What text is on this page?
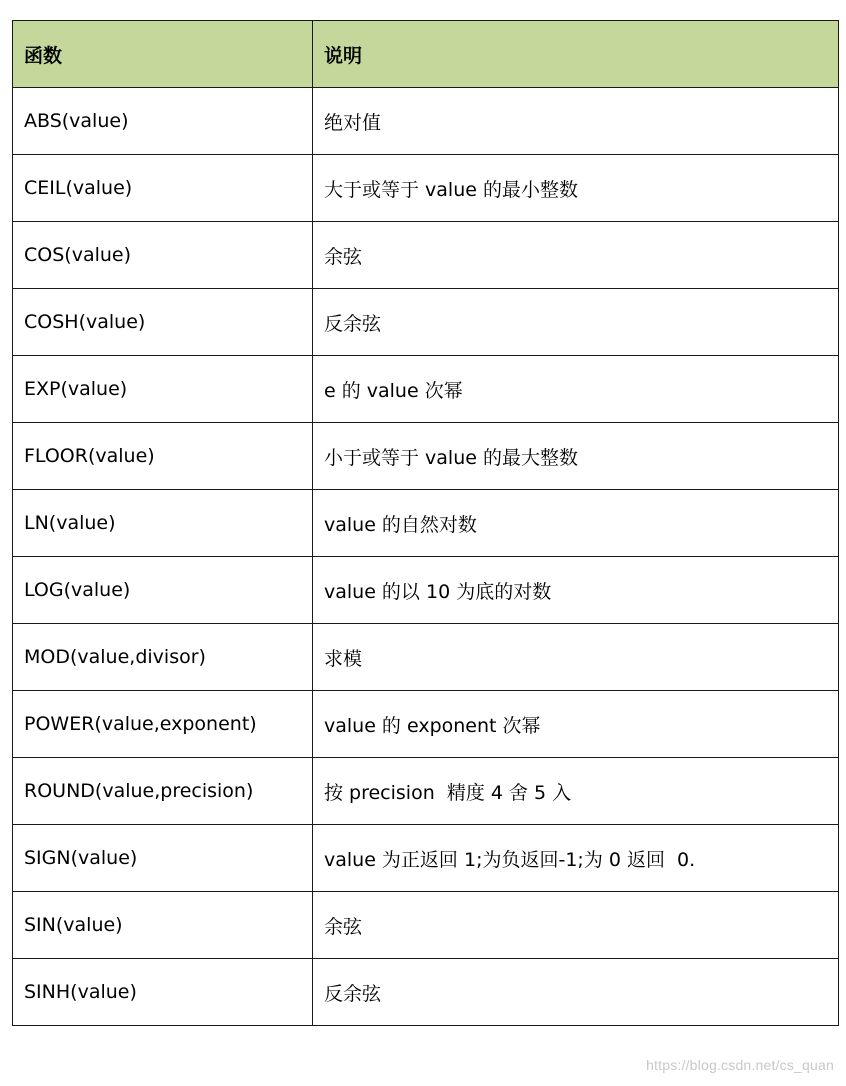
函数	说明
ABS(value)	绝对值
CEIL(value)	大于或等于 value 的最小整数
COS(value)	余弦
COSH(value)	反余弦
EXP(value)	e 的 value 次幂
FLOOR(value)	小于或等于 value 的最大整数
LN(value)	value 的自然对数
LOG(value)	value 的以 10 为底的对数
MOD(value,divisor)	求模
POWER(value,exponent)	value 的 exponent 次幂
ROUND(value,precision)	按 precision  精度 4 舍 5 入
SIGN(value)	value 为正返回 1;为负返回-1;为 0 返回  0.
SIN(value)	余弦
SINH(value)	反余弦
https://blog.csdn.net/cs_quan
